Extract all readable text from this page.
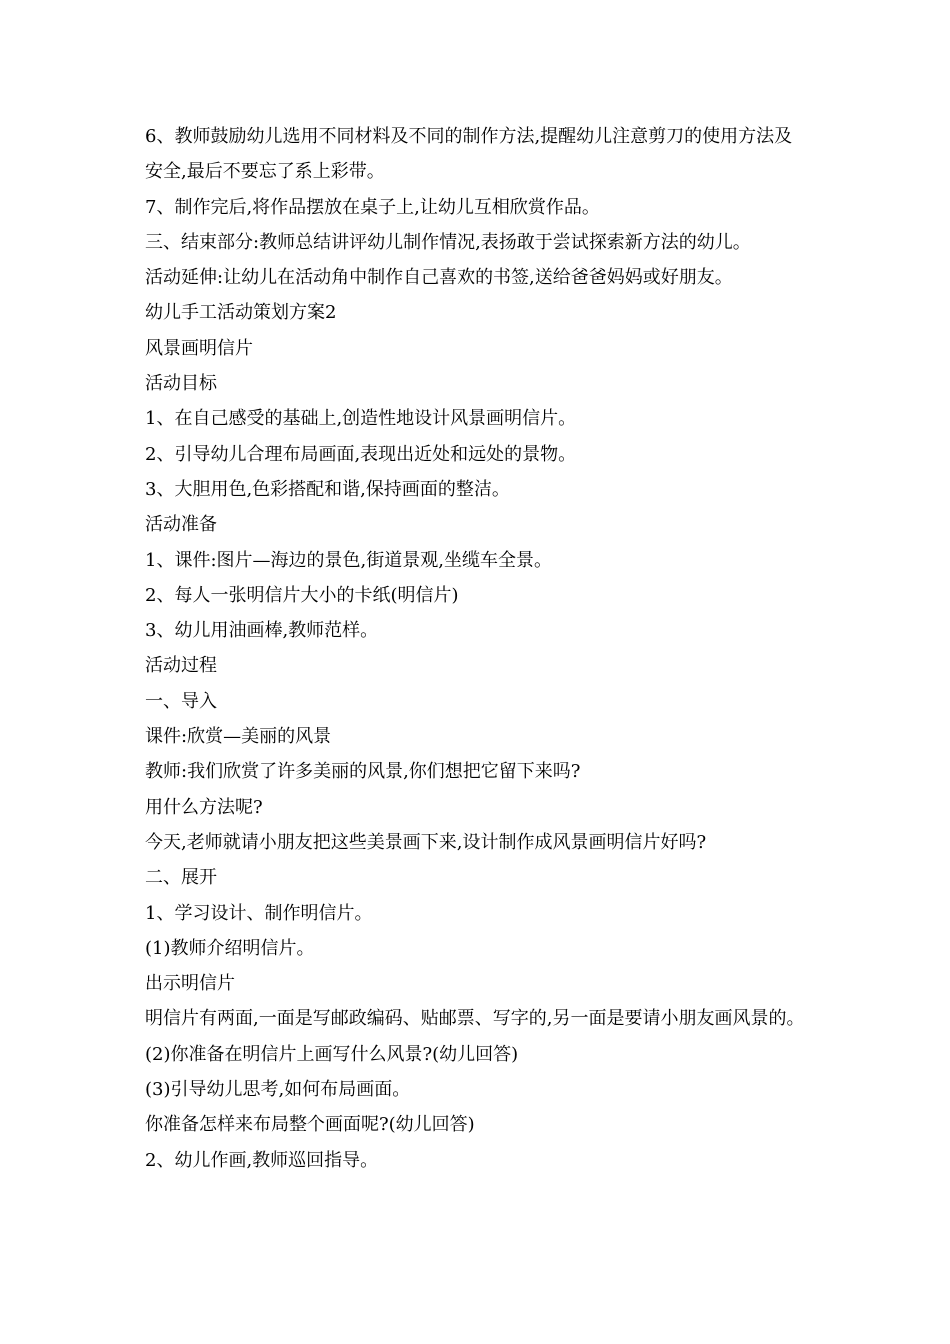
6、教师鼓励幼儿选用不同材料及不同的制作方法,提醒幼儿注意剪刀的使用方法及安全,最后不要忘了系上彩带。

7、制作完后,将作品摆放在桌子上,让幼儿互相欣赏作品。

三、结束部分:教师总结讲评幼儿制作情况,表扬敢于尝试探索新方法的幼儿。

活动延伸:让幼儿在活动角中制作自己喜欢的书签,送给爸爸妈妈或好朋友。

幼儿手工活动策划方案2

风景画明信片

活动目标

1、在自己感受的基础上,创造性地设计风景画明信片。

2、引导幼儿合理布局画面,表现出近处和远处的景物。

3、大胆用色,色彩搭配和谐,保持画面的整洁。

活动准备

1、课件:图片—海边的景色,街道景观,坐缆车全景。

2、每人一张明信片大小的卡纸(明信片)

3、幼儿用油画棒,教师范样。

活动过程

一、导入

课件:欣赏—美丽的风景

教师:我们欣赏了许多美丽的风景,你们想把它留下来吗?

用什么方法呢?

今天,老师就请小朋友把这些美景画下来,设计制作成风景画明信片好吗?

二、展开

1、学习设计、制作明信片。

(1)教师介绍明信片。

出示明信片

明信片有两面,一面是写邮政编码、贴邮票、写字的,另一面是要请小朋友画风景的。

(2)你准备在明信片上画写什么风景?(幼儿回答)

(3)引导幼儿思考,如何布局画面。

你准备怎样来布局整个画面呢?(幼儿回答)

2、幼儿作画,教师巡回指导。
